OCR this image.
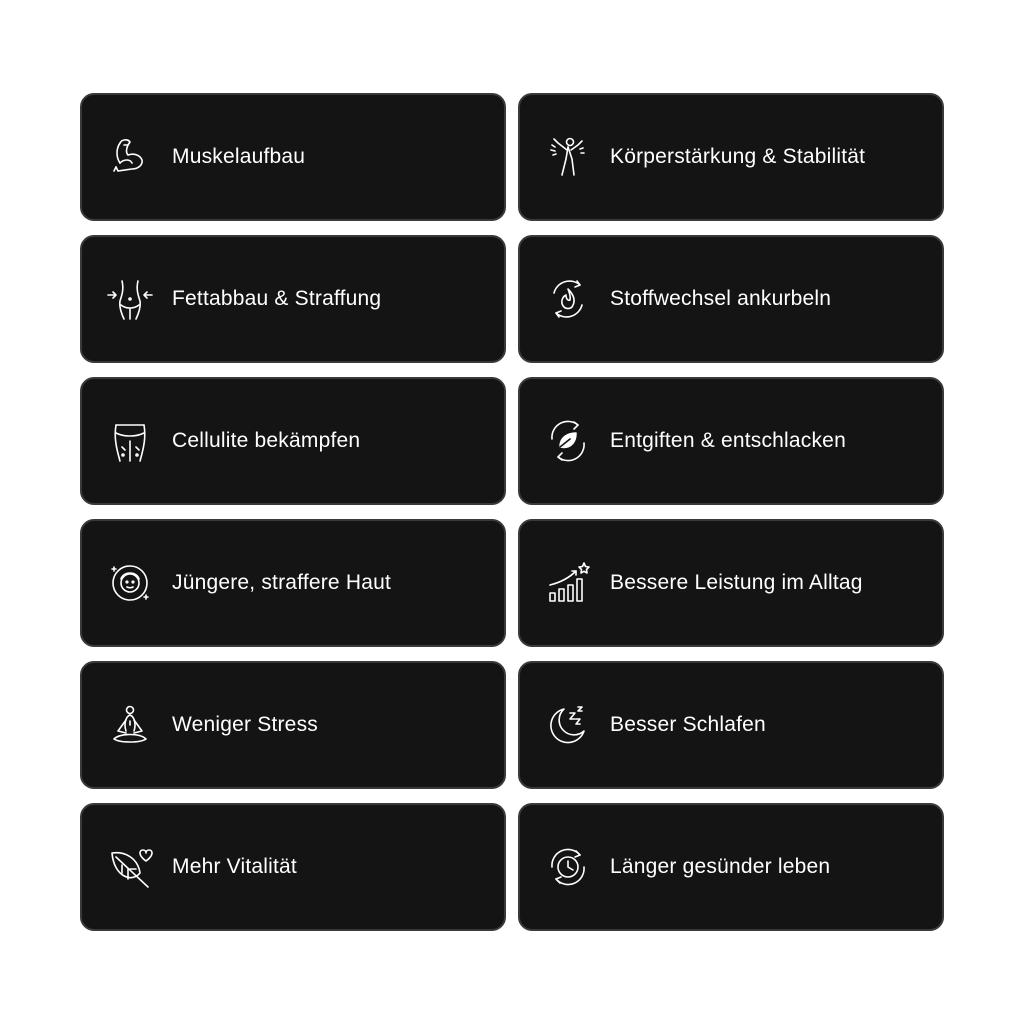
Muskelaufbau	Körperstärkung & Stabilität
Fettabbau & Straffung	Stoffwechsel ankurbeln
Cellulite bekämpfen	Entgiften & entschlacken
Jüngere, straffere Haut	Bessere Leistung im Alltag
Weniger Stress	Besser Schlafen
Mehr Vitalität	Länger gesünder leben
